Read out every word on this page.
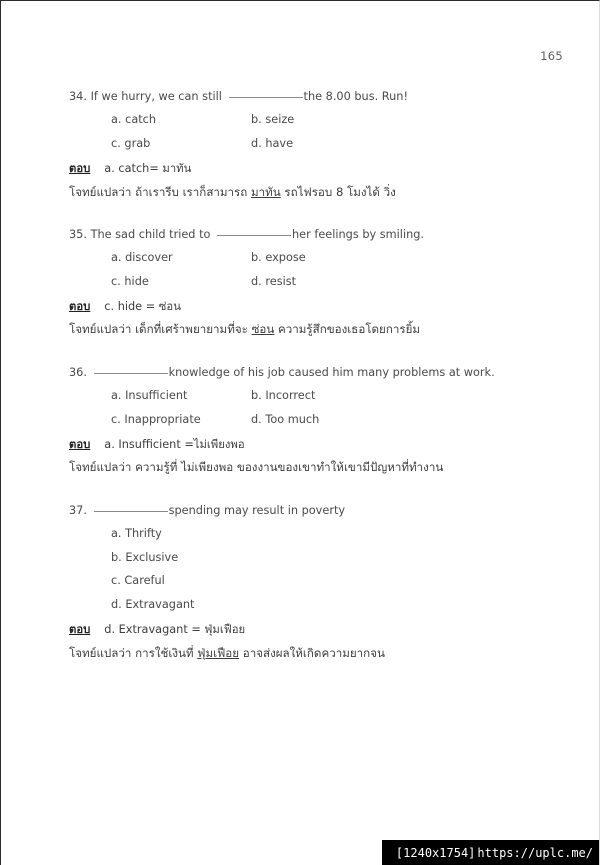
165
34. If we hurry, we can still	the 8.00 bus. Run!
a. catch	b. seize
c. grab	d. have
ตอบ a. catch= มาทัน
โจทย์แปลว่า ถ้าเรารีบ เราก็สามารถ มาทัน รถไฟรอบ 8 โมงได้ วิ่ง
35. The sad child tried to	her feelings by smiling.
a. discover	b. expose
c. hide	d. resist
ตอบ c. hide = ซ่อน
โจทย์แปลว่า เด็กที่เศร้าพยายามที่จะ ซ่อน ความรู้สึกของเธอโดยการยิ้ม
36.	knowledge of his job caused him many problems at work.
a. Insufficient	b. Incorrect
c. Inappropriate	d. Too much
ตอบ a. Insufficient =ไม่เพียงพอ
โจทย์แปลว่า ความรู้ที่ ไม่เพียงพอ ของงานของเขาทำให้เขามีปัญหาที่ทำงาน
37.	spending may result in poverty
a. Thrifty
b. Exclusive
c. Careful
d. Extravagant
ตอบ d. Extravagant = ฟุ่มเฟือย
โจทย์แปลว่า การใช้เงินที่ ฟุ่มเฟือย อาจส่งผลให้เกิดความยากจน
[1240x1754] https://uplc.me/
